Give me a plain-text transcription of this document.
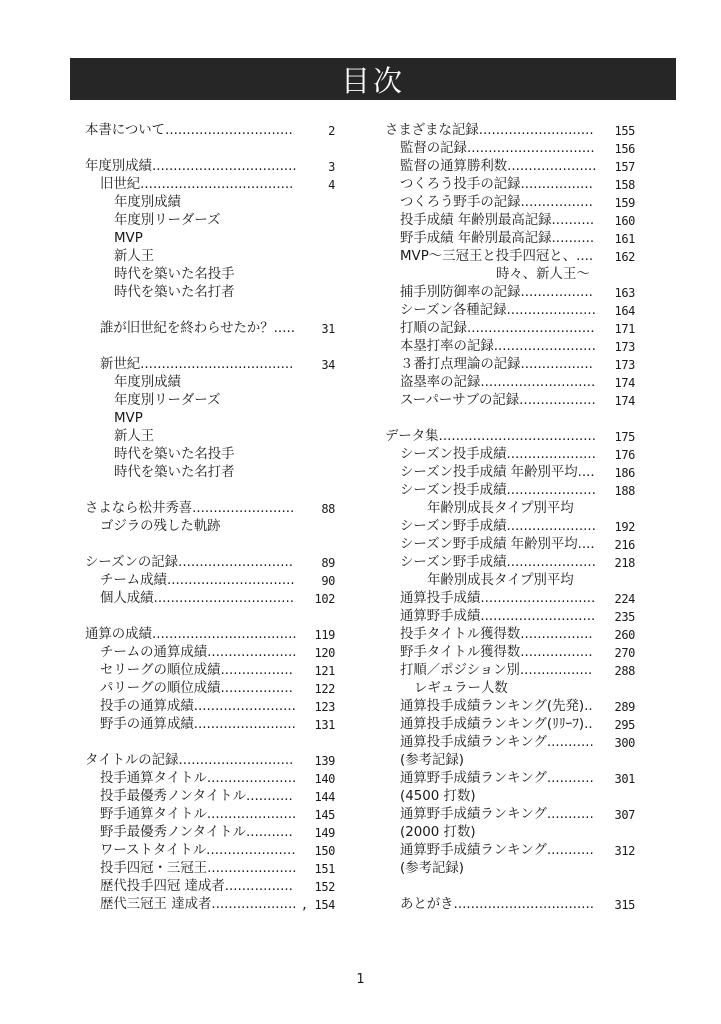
目次
本書について..............................	2
年度別成績..................................	3
旧世紀....................................	4
年度別成績
年度別リーダーズ
MVP
新人王
時代を築いた名投手
時代を築いた名打者
誰が旧世紀を終わらせたか？..... 31
新世紀.................................... 34
年度別成績
年度別リーダーズ
MVP
新人王
時代を築いた名投手
時代を築いた名打者
さよなら松井秀喜........................ 88
ゴジラの残した軌跡
シーズンの記録........................... 89
チーム成績.............................. 90
個人成績................................. 102
通算の成績.................................. 119
チームの通算成績..................... 120
セリーグの順位成績................. 121
パリーグの順位成績................. 122
投手の通算成績........................ 123
野手の通算成績........................ 131
タイトルの記録........................... 139
投手通算タイトル..................... 140
投手最優秀ノンタイトル........... 144
野手通算タイトル..................... 145
野手最優秀ノンタイトル........... 149
ワーストタイトル..................... 150
投手四冠・三冠王..................... 151
歴代投手四冠 達成者................ 152
歴代三冠王 達成者.................... , 154
さまざまな記録........................... 155
監督の記録.............................. 156
監督の通算勝利数..................... 157
つくろう投手の記録................. 158
つくろう野手の記録................. 159
投手成績 年齢別最高記録.......... 160
野手成績 年齢別最高記録.......... 161
MVP～三冠王と投手四冠と、.... 162
時々、新人王～
捕手別防御率の記録................. 163
シーズン各種記録..................... 164
打順の記録.............................. 171
本塁打率の記録........................ 173
３番打点理論の記録................. 173
盗塁率の記録........................... 174
スーパーサブの記録.................. 174
データ集..................................... 175
シーズン投手成績..................... 176
シーズン投手成績 年齢別平均.... 186
シーズン投手成績..................... 188
年齢別成長タイプ別平均
シーズン野手成績..................... 192
シーズン野手成績 年齢別平均.... 216
シーズン野手成績..................... 218
年齢別成長タイプ別平均
通算投手成績........................... 224
通算野手成績........................... 235
投手タイトル獲得数................. 260
野手タイトル獲得数................. 270
打順／ポジション別................. 288
レギュラー人数
通算投手成績ランキング(先発).. 289
通算投手成績ランキング(ﾘﾘｰﾌ).. 295
通算投手成績ランキング........... 300
(参考記録)
通算野手成績ランキング........... 301
(4500 打数)
通算野手成績ランキング........... 307
(2000 打数)
通算野手成績ランキング........... 312
(参考記録)
あとがき................................. 315
1
